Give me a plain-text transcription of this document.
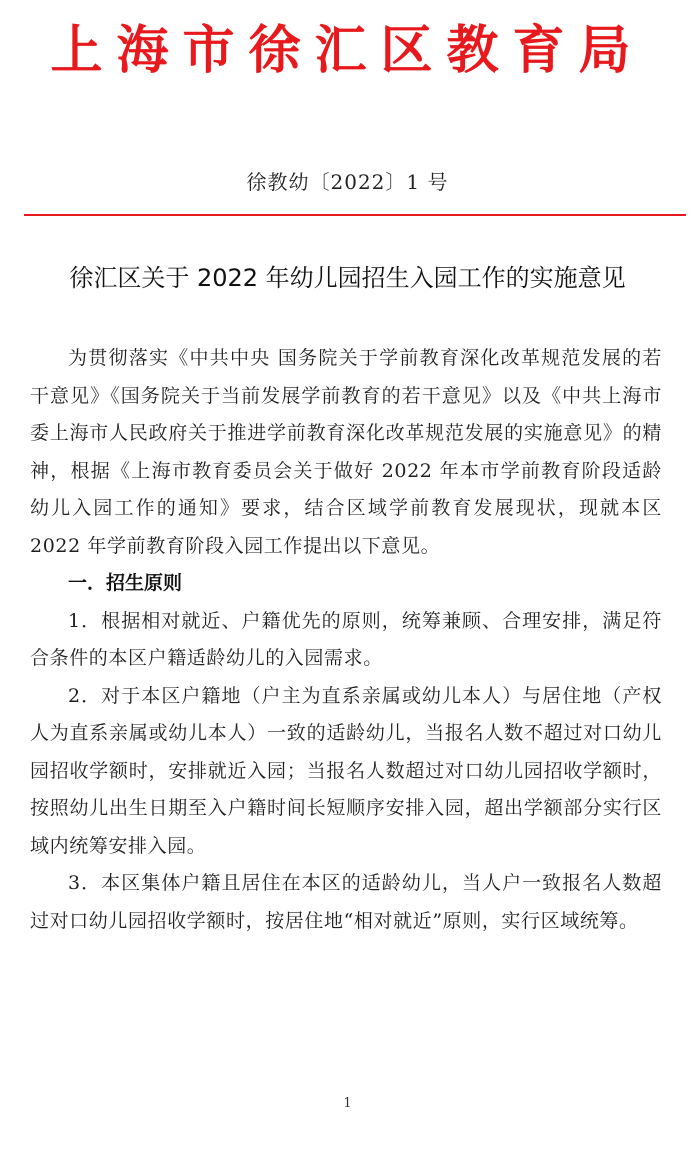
上海市徐汇区教育局
徐教幼〔2022〕1 号
徐汇区关于 2022 年幼儿园招生入园工作的实施意见

为贯彻落实《中共中央 国务院关于学前教育深化改革规范发展的若干意见》《国务院关于当前发展学前教育的若干意见》以及《中共上海市委上海市人民政府关于推进学前教育深化改革规范发展的实施意见》的精神，根据《上海市教育委员会关于做好 2022 年本市学前教育阶段适龄幼儿入园工作的通知》要求，结合区域学前教育发展现状，现就本区 2022 年学前教育阶段入园工作提出以下意见。

一．招生原则

1．根据相对就近、户籍优先的原则，统筹兼顾、合理安排，满足符合条件的本区户籍适龄幼儿的入园需求。

2．对于本区户籍地（户主为直系亲属或幼儿本人）与居住地（产权人为直系亲属或幼儿本人）一致的适龄幼儿，当报名人数不超过对口幼儿园招收学额时，安排就近入园；当报名人数超过对口幼儿园招收学额时，按照幼儿出生日期至入户籍时间长短顺序安排入园，超出学额部分实行区域内统筹安排入园。

3．本区集体户籍且居住在本区的适龄幼儿，当人户一致报名人数超过对口幼儿园招收学额时，按居住地“相对就近”原则，实行区域统筹。

1
